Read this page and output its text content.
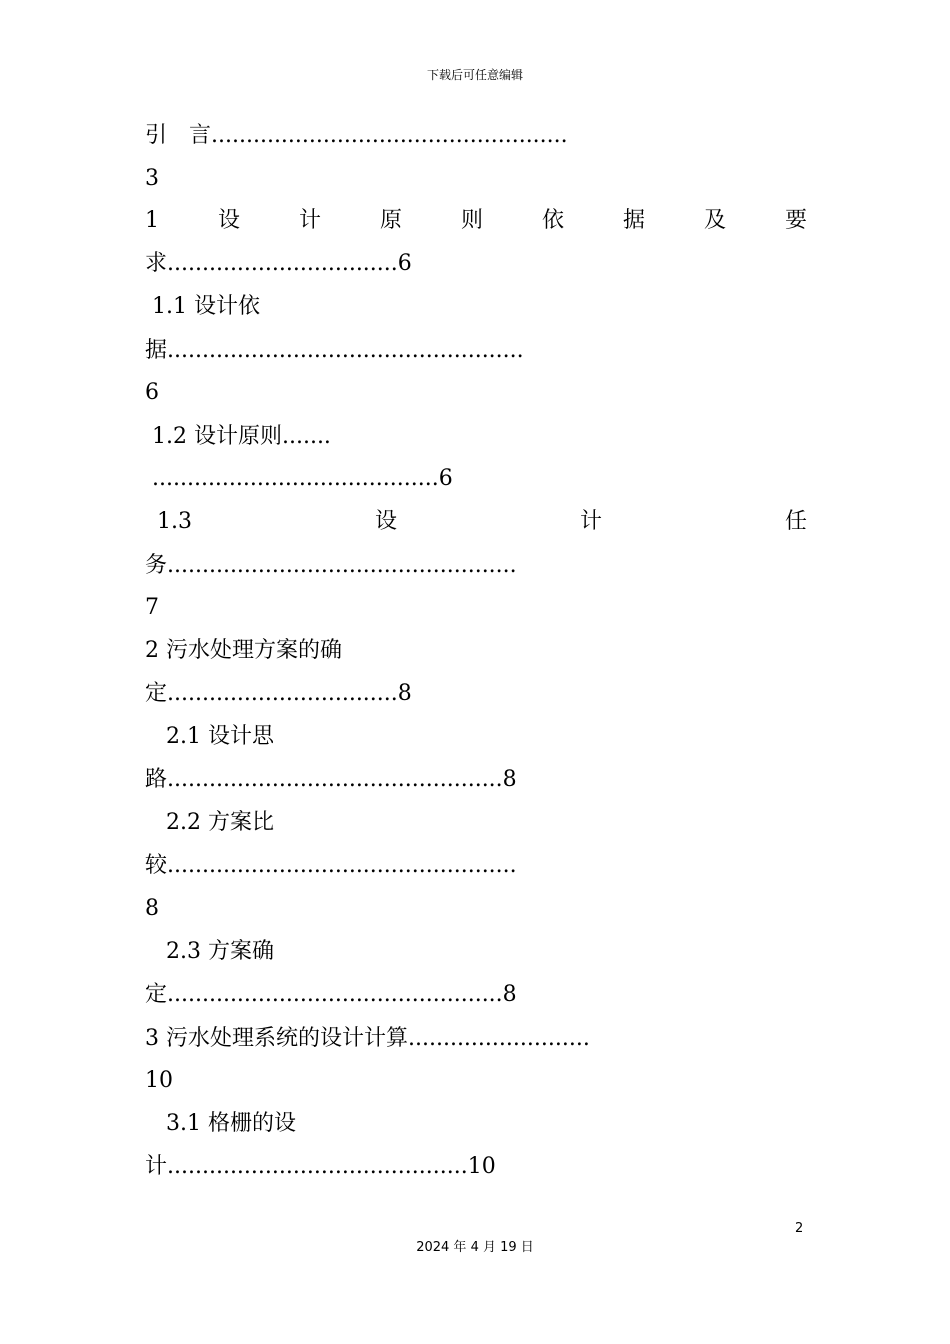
下载后可任意编辑
引　言...................................................
3
1	设	计	原	则	依	据	及	要
求.................................6
1.1 设计依
据...................................................
6
1.2 设计原则.......
.........................................6
1.3	设	计	任
务..................................................
7
2 污水处理方案的确
定.................................8
2.1 设计思
路................................................8
2.2 方案比
较..................................................
8
2.3 方案确
定................................................8
3 污水处理系统的设计计算..........................
10
3.1 格栅的设
计...........................................10
2
2024 年 4 月 19 日
